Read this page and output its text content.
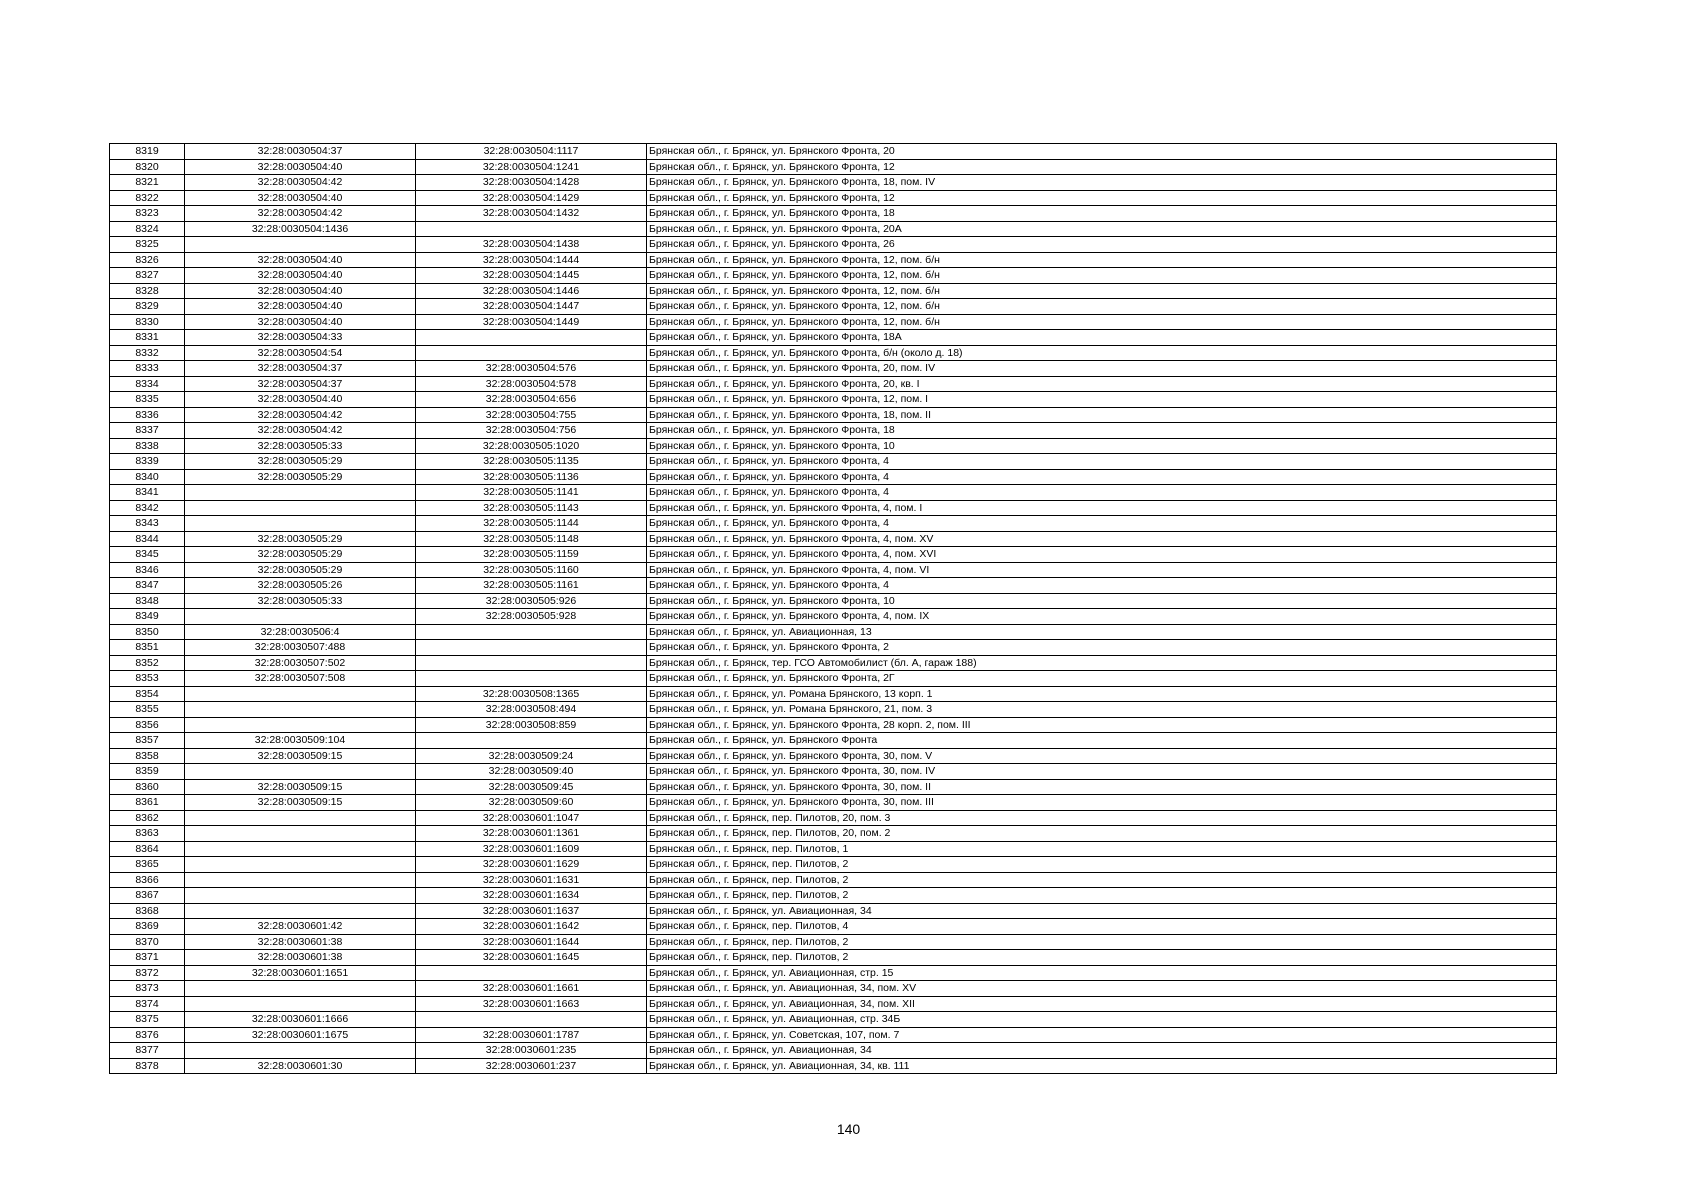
8319	32:28:0030504:37	32:28:0030504:1117	Брянская обл., г. Брянск, ул. Брянского Фронта, 20
8320	32:28:0030504:40	32:28:0030504:1241	Брянская обл., г. Брянск, ул. Брянского Фронта, 12
8321	32:28:0030504:42	32:28:0030504:1428	Брянская обл., г. Брянск, ул. Брянского Фронта, 18, пом. IV
8322	32:28:0030504:40	32:28:0030504:1429	Брянская обл., г. Брянск, ул. Брянского Фронта, 12
8323	32:28:0030504:42	32:28:0030504:1432	Брянская обл., г. Брянск, ул. Брянского Фронта, 18
8324	32:28:0030504:1436		Брянская обл., г. Брянск, ул. Брянского Фронта, 20А
8325		32:28:0030504:1438	Брянская обл., г. Брянск, ул. Брянского Фронта, 26
8326	32:28:0030504:40	32:28:0030504:1444	Брянская обл., г. Брянск, ул. Брянского Фронта, 12, пом. б/н
8327	32:28:0030504:40	32:28:0030504:1445	Брянская обл., г. Брянск, ул. Брянского Фронта, 12, пом. б/н
8328	32:28:0030504:40	32:28:0030504:1446	Брянская обл., г. Брянск, ул. Брянского Фронта, 12, пом. б/н
8329	32:28:0030504:40	32:28:0030504:1447	Брянская обл., г. Брянск, ул. Брянского Фронта, 12, пом. б/н
8330	32:28:0030504:40	32:28:0030504:1449	Брянская обл., г. Брянск, ул. Брянского Фронта, 12, пом. б/н
8331	32:28:0030504:33		Брянская обл., г. Брянск, ул. Брянского Фронта, 18А
8332	32:28:0030504:54		Брянская обл., г. Брянск, ул. Брянского Фронта, б/н (около д. 18)
8333	32:28:0030504:37	32:28:0030504:576	Брянская обл., г. Брянск, ул. Брянского Фронта, 20, пом. IV
8334	32:28:0030504:37	32:28:0030504:578	Брянская обл., г. Брянск, ул. Брянского Фронта, 20, кв. I
8335	32:28:0030504:40	32:28:0030504:656	Брянская обл., г. Брянск, ул. Брянского Фронта, 12, пом. I
8336	32:28:0030504:42	32:28:0030504:755	Брянская обл., г. Брянск, ул. Брянского Фронта, 18, пом. II
8337	32:28:0030504:42	32:28:0030504:756	Брянская обл., г. Брянск, ул. Брянского Фронта, 18
8338	32:28:0030505:33	32:28:0030505:1020	Брянская обл., г. Брянск, ул. Брянского Фронта, 10
8339	32:28:0030505:29	32:28:0030505:1135	Брянская обл., г. Брянск, ул. Брянского Фронта, 4
8340	32:28:0030505:29	32:28:0030505:1136	Брянская обл., г. Брянск, ул. Брянского Фронта, 4
8341		32:28:0030505:1141	Брянская обл., г. Брянск, ул. Брянского Фронта, 4
8342		32:28:0030505:1143	Брянская обл., г. Брянск, ул. Брянского Фронта, 4, пом. I
8343		32:28:0030505:1144	Брянская обл., г. Брянск, ул. Брянского Фронта, 4
8344	32:28:0030505:29	32:28:0030505:1148	Брянская обл., г. Брянск, ул. Брянского Фронта, 4, пом. XV
8345	32:28:0030505:29	32:28:0030505:1159	Брянская обл., г. Брянск, ул. Брянского Фронта, 4, пом. XVI
8346	32:28:0030505:29	32:28:0030505:1160	Брянская обл., г. Брянск, ул. Брянского Фронта, 4, пом. VI
8347	32:28:0030505:26	32:28:0030505:1161	Брянская обл., г. Брянск, ул. Брянского Фронта, 4
8348	32:28:0030505:33	32:28:0030505:926	Брянская обл., г. Брянск, ул. Брянского Фронта, 10
8349		32:28:0030505:928	Брянская обл., г. Брянск, ул. Брянского Фронта, 4, пом. IX
8350	32:28:0030506:4		Брянская обл., г. Брянск, ул. Авиационная, 13
8351	32:28:0030507:488		Брянская обл., г. Брянск, ул. Брянского Фронта, 2
8352	32:28:0030507:502		Брянская обл., г. Брянск, тер. ГСО Автомобилист (бл. А, гараж 188)
8353	32:28:0030507:508		Брянская обл., г. Брянск, ул. Брянского Фронта, 2Г
8354		32:28:0030508:1365	Брянская обл., г. Брянск, ул. Романа Брянского, 13 корп. 1
8355		32:28:0030508:494	Брянская обл., г. Брянск, ул. Романа Брянского, 21, пом. 3
8356		32:28:0030508:859	Брянская обл., г. Брянск, ул. Брянского Фронта, 28 корп. 2, пом. III
8357	32:28:0030509:104		Брянская обл., г. Брянск, ул. Брянского Фронта
8358	32:28:0030509:15	32:28:0030509:24	Брянская обл., г. Брянск, ул. Брянского Фронта, 30, пом. V
8359		32:28:0030509:40	Брянская обл., г. Брянск, ул. Брянского Фронта, 30, пом. IV
8360	32:28:0030509:15	32:28:0030509:45	Брянская обл., г. Брянск, ул. Брянского Фронта, 30, пом. II
8361	32:28:0030509:15	32:28:0030509:60	Брянская обл., г. Брянск, ул. Брянского Фронта, 30, пом. III
8362		32:28:0030601:1047	Брянская обл., г. Брянск, пер. Пилотов, 20, пом. 3
8363		32:28:0030601:1361	Брянская обл., г. Брянск, пер. Пилотов, 20, пом. 2
8364		32:28:0030601:1609	Брянская обл., г. Брянск, пер. Пилотов, 1
8365		32:28:0030601:1629	Брянская обл., г. Брянск, пер. Пилотов, 2
8366		32:28:0030601:1631	Брянская обл., г. Брянск, пер. Пилотов, 2
8367		32:28:0030601:1634	Брянская обл., г. Брянск, пер. Пилотов, 2
8368		32:28:0030601:1637	Брянская обл., г. Брянск, ул. Авиационная, 34
8369	32:28:0030601:42	32:28:0030601:1642	Брянская обл., г. Брянск, пер. Пилотов, 4
8370	32:28:0030601:38	32:28:0030601:1644	Брянская обл., г. Брянск, пер. Пилотов, 2
8371	32:28:0030601:38	32:28:0030601:1645	Брянская обл., г. Брянск, пер. Пилотов, 2
8372	32:28:0030601:1651		Брянская обл., г. Брянск, ул. Авиационная, стр. 15
8373		32:28:0030601:1661	Брянская обл., г. Брянск, ул. Авиационная, 34, пом. XV
8374		32:28:0030601:1663	Брянская обл., г. Брянск, ул. Авиационная, 34, пом. XII
8375	32:28:0030601:1666		Брянская обл., г. Брянск, ул. Авиационная, стр. 34Б
8376	32:28:0030601:1675	32:28:0030601:1787	Брянская обл., г. Брянск, ул. Советская, 107, пом. 7
8377		32:28:0030601:235	Брянская обл., г. Брянск, ул. Авиационная, 34
8378	32:28:0030601:30	32:28:0030601:237	Брянская обл., г. Брянск, ул. Авиационная, 34, кв. 111
140
